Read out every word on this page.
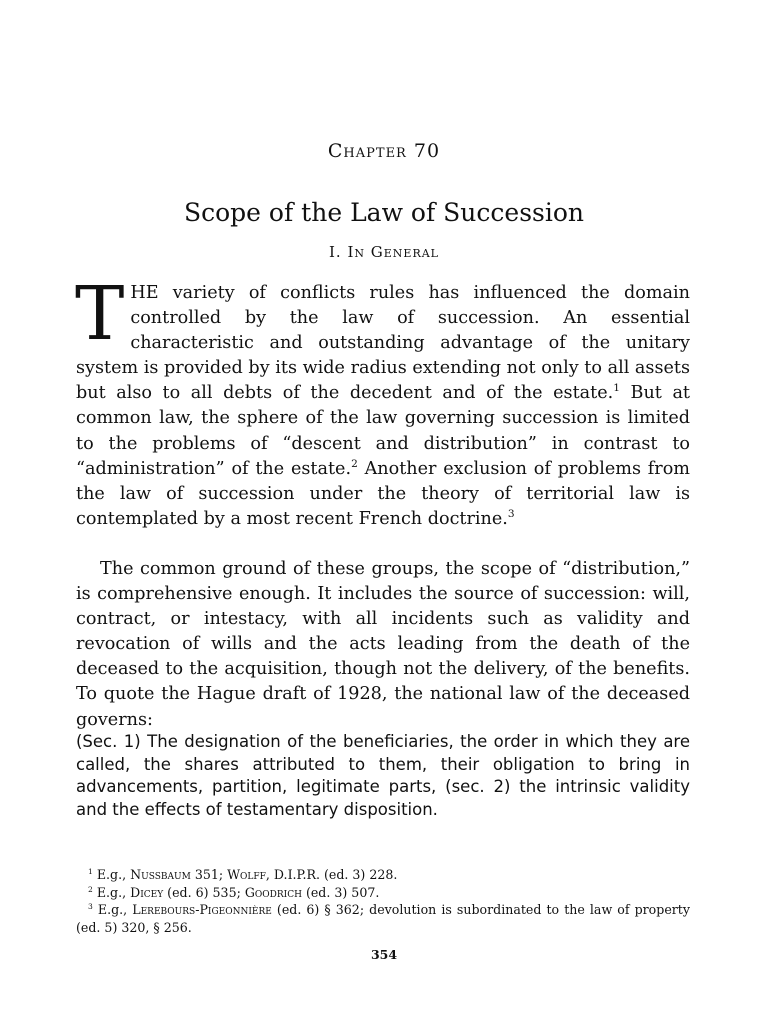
Chapter 70
Scope of the Law of Succession
I. In General
THE variety of conflicts rules has influenced the domain controlled by the law of succession. An essential characteristic and outstanding advantage of the unitary system is provided by its wide radius extending not only to all assets but also to all debts of the decedent and of the estate.$^1$ But at common law, the sphere of the law governing succession is limited to the problems of “descent and distribution” in contrast to “administration” of the estate.$^2$ Another exclusion of problems from the law of succession under the theory of territorial law is contemplated by a most recent French doctrine.$^3$
The common ground of these groups, the scope of “distribution,” is comprehensive enough. It includes the source of succession: will, contract, or intestacy, with all incidents such as validity and revocation of wills and the acts leading from the death of the deceased to the acquisition, though not the delivery, of the benefits. To quote the Hague draft of 1928, the national law of the deceased governs:
(Sec. 1) The designation of the beneficiaries, the order in which they are called, the shares attributed to them, their obligation to bring in advancements, partition, legitimate parts, (sec. 2) the intrinsic validity and the effects of testamentary disposition.
$^1$ E.g., Nussbaum 351; Wolff, D.I.P.R. (ed. 3) 228.
$^2$ E.g., Dicey (ed. 6) 535; Goodrich (ed. 3) 507.
$^3$ E.g., Lerebours-Pigeonnière (ed. 6) § 362; devolution is subordinated to the law of property (ed. 5) 320, § 256.
354
